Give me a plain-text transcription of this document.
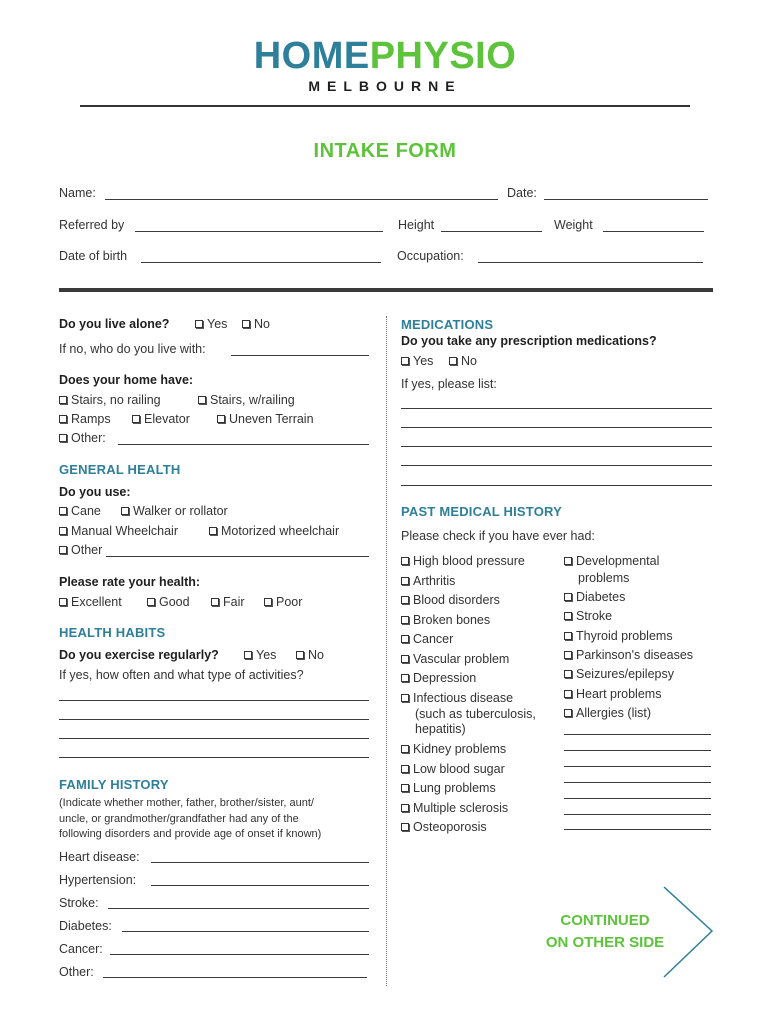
HOMEPHYSIO
MELBOURNE
INTAKE FORM
Name:	Date:
Referred by	Height	Weight
Date of birth	Occupation:
Do you live alone?	Yes	No
If no, who do you live with:
Does your home have:
Stairs, no railing	Stairs, w/railing
Ramps	Elevator	Uneven Terrain
Other:
GENERAL HEALTH
Do you use:
Cane	Walker or rollator
Manual Wheelchair	Motorized wheelchair
Other
Please rate your health:
Excellent	Good	Fair	Poor
HEALTH HABITS
Do you exercise regularly?	Yes	No
If yes, how often and what type of activities?
FAMILY HISTORY
(Indicate whether mother, father, brother/sister, aunt/
uncle, or grandmother/grandfather had any of the
following disorders and provide age of onset if known)
Heart disease:
Hypertension:
Stroke:
Diabetes:
Cancer:
Other:
MEDICATIONS
Do you take any prescription medications?
Yes	No
If yes, please list:
PAST MEDICAL HISTORY
Please check if you have ever had:
High blood pressure
Arthritis
Blood disorders
Broken bones
Cancer
Vascular problem
Depression
Infectious disease
(such as tuberculosis,
hepatitis)
Kidney problems
Low blood sugar
Lung problems
Multiple sclerosis
Osteoporosis
Developmental
problems
Diabetes
Stroke
Thyroid problems
Parkinson's diseases
Seizures/epilepsy
Heart problems
Allergies (list)
CONTINUED
ON OTHER SIDE
